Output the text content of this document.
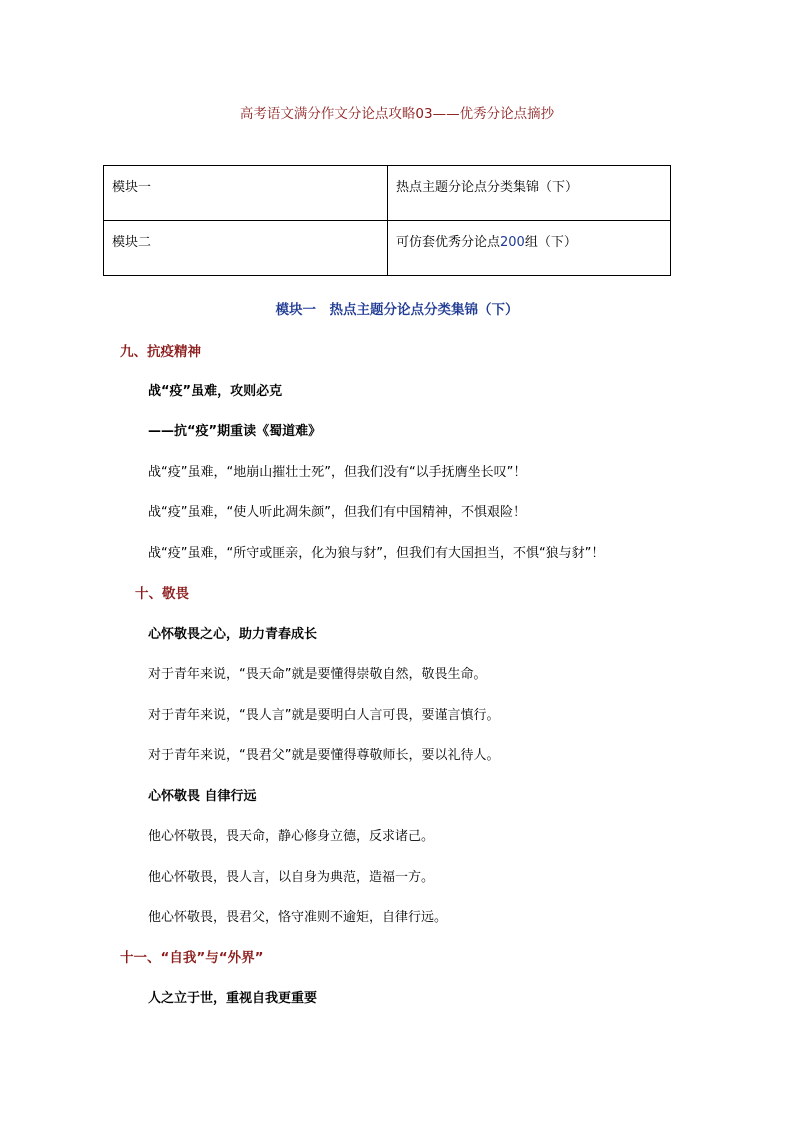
高考语文满分作文分论点攻略03——优秀分论点摘抄
模块一	热点主题分论点分类集锦（下）
模块二	可仿套优秀分论点200组（下）
模块一　热点主题分论点分类集锦（下）
九、抗疫精神
战“疫”虽难，攻则必克
——抗“疫”期重读《蜀道难》
战“疫”虽难，“地崩山摧壮士死”，但我们没有“以手抚膺坐长叹”！
战“疫”虽难，“使人听此凋朱颜”，但我们有中国精神，不惧艰险！
战“疫”虽难，“所守或匪亲，化为狼与豺”，但我们有大国担当，不惧“狼与豺”！
十、敬畏
心怀敬畏之心，助力青春成长
对于青年来说，“畏天命”就是要懂得崇敬自然，敬畏生命。
对于青年来说，“畏人言”就是要明白人言可畏，要谨言慎行。
对于青年来说，“畏君父”就是要懂得尊敬师长，要以礼待人。
心怀敬畏 自律行远
他心怀敬畏，畏天命，静心修身立德，反求诸己。
他心怀敬畏，畏人言，以自身为典范，造福一方。
他心怀敬畏，畏君父，恪守准则不逾矩，自律行远。
十一、“自我”与“外界”
人之立于世，重视自我更重要
